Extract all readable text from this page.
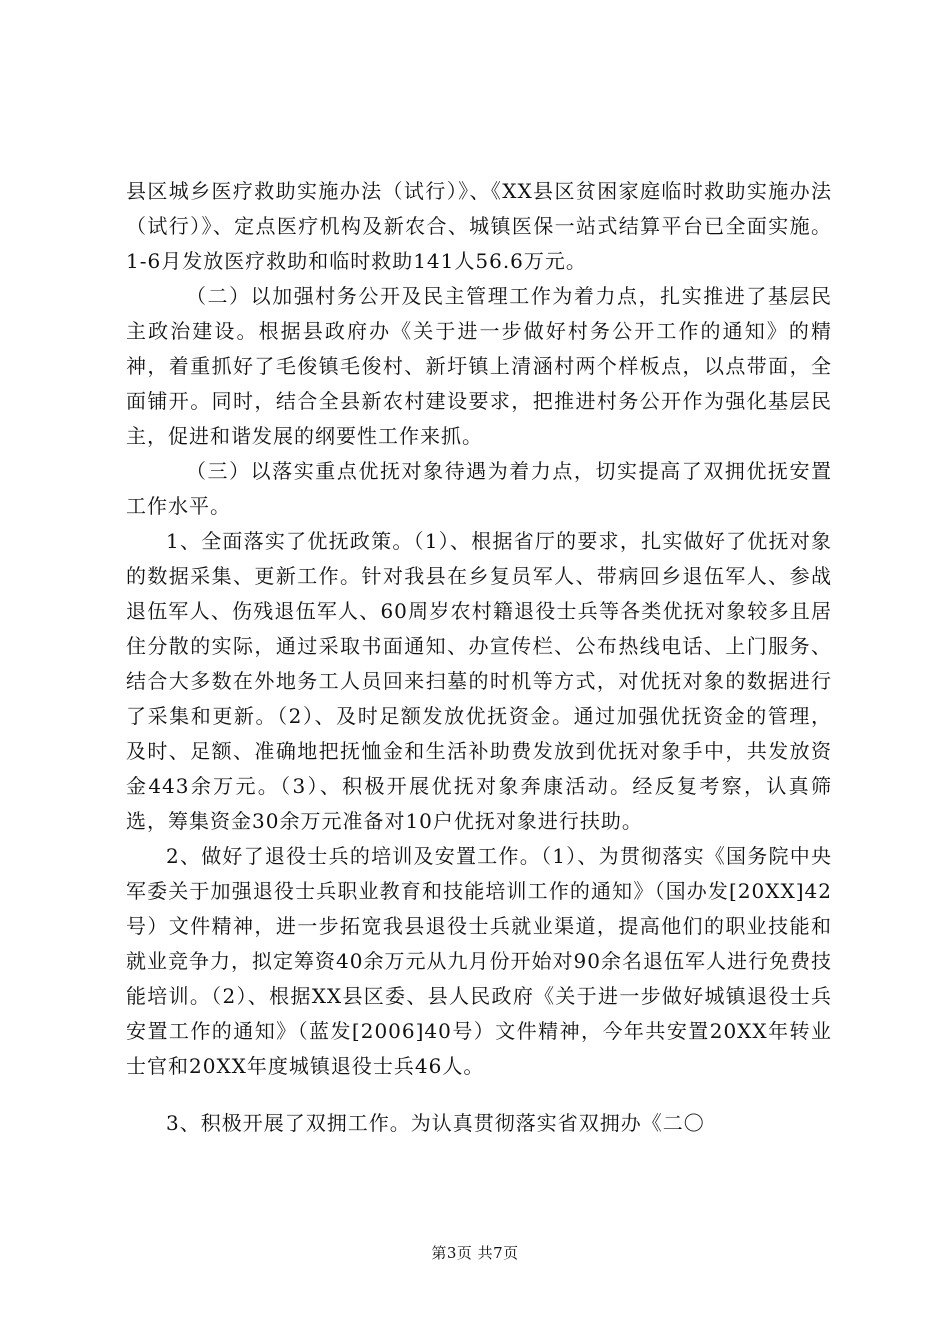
县区城乡医疗救助实施办法（试行）》、《XX县区贫困家庭临时救助实施办法（试行）》、定点医疗机构及新农合、城镇医保一站式结算平台已全面实施。1-6月发放医疗救助和临时救助141人56.6万元。

（二）以加强村务公开及民主管理工作为着力点，扎实推进了基层民主政治建设。根据县政府办《关于进一步做好村务公开工作的通知》的精神，着重抓好了毛俊镇毛俊村、新圩镇上清涵村两个样板点，以点带面，全面铺开。同时，结合全县新农村建设要求，把推进村务公开作为强化基层民主，促进和谐发展的纲要性工作来抓。

（三）以落实重点优抚对象待遇为着力点，切实提高了双拥优抚安置工作水平。

1、全面落实了优抚政策。（1）、根据省厅的要求，扎实做好了优抚对象的数据采集、更新工作。针对我县在乡复员军人、带病回乡退伍军人、参战退伍军人、伤残退伍军人、60周岁农村籍退役士兵等各类优抚对象较多且居住分散的实际，通过采取书面通知、办宣传栏、公布热线电话、上门服务、结合大多数在外地务工人员回来扫墓的时机等方式，对优抚对象的数据进行了采集和更新。（2）、及时足额发放优抚资金。通过加强优抚资金的管理，及时、足额、准确地把抚恤金和生活补助费发放到优抚对象手中，共发放资金443余万元。（3）、积极开展优抚对象奔康活动。经反复考察，认真筛选，筹集资金30余万元准备对10户优抚对象进行扶助。

2、做好了退役士兵的培训及安置工作。（1）、为贯彻落实《国务院中央军委关于加强退役士兵职业教育和技能培训工作的通知》（国办发[20XX]42号）文件精神，进一步拓宽我县退役士兵就业渠道，提高他们的职业技能和就业竞争力，拟定筹资40余万元从九月份开始对90余名退伍军人进行免费技能培训。（2）、根据XX县区委、县人民政府《关于进一步做好城镇退役士兵安置工作的通知》（蓝发[2006]40号）文件精神，今年共安置20XX年转业士官和20XX年度城镇退役士兵46人。

3、积极开展了双拥工作。为认真贯彻落实省双拥办《二〇

第3页 共7页
